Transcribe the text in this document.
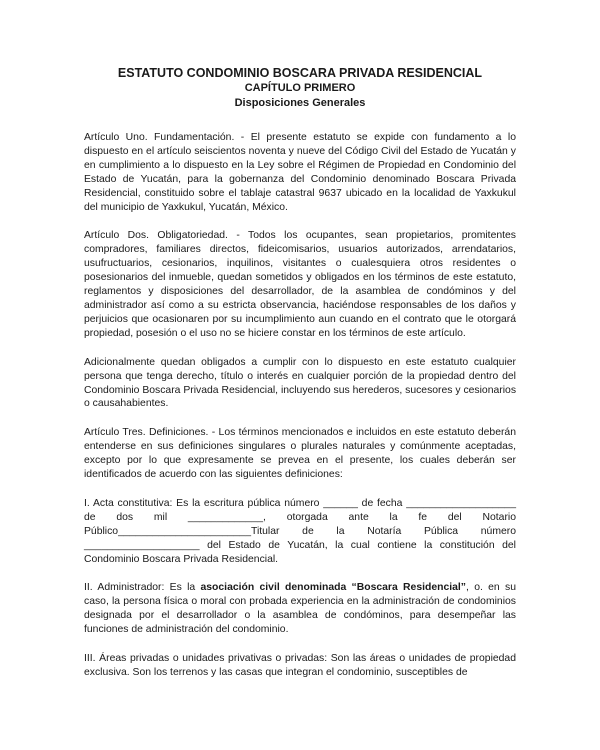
ESTATUTO CONDOMINIO BOSCARA PRIVADA RESIDENCIAL
CAPÍTULO PRIMERO
Disposiciones Generales

Artículo Uno. Fundamentación. - El presente estatuto se expide con fundamento a lo dispuesto en el artículo seiscientos noventa y nueve del Código Civil del Estado de Yucatán y en cumplimiento a lo dispuesto en la Ley sobre el Régimen de Propiedad en Condominio del Estado de Yucatán, para la gobernanza del Condominio denominado Boscara Privada Residencial, constituido sobre el tablaje catastral 9637 ubicado en la localidad de Yaxkukul del municipio de Yaxkukul, Yucatán, México.

Artículo Dos. Obligatoriedad. - Todos los ocupantes, sean propietarios, promitentes compradores, familiares directos, fideicomisarios, usuarios autorizados, arrendatarios, usufructuarios, cesionarios, inquilinos, visitantes o cualesquiera otros residentes o posesionarios del inmueble, quedan sometidos y obligados en los términos de este estatuto, reglamentos y disposiciones del desarrollador, de la asamblea de condóminos y del administrador así como a su estricta observancia, haciéndose responsables de los daños y perjuicios que ocasionaren por su incumplimiento aun cuando en el contrato que le otorgará propiedad, posesión o el uso no se hiciere constar en los términos de este artículo.

Adicionalmente quedan obligados a cumplir con lo dispuesto en este estatuto cualquier persona que tenga derecho, título o interés en cualquier porción de la propiedad dentro del Condominio Boscara Privada Residencial, incluyendo sus herederos, sucesores y cesionarios o causahabientes.

Artículo Tres. Definiciones. - Los términos mencionados e incluidos en este estatuto deberán entenderse en sus definiciones singulares o plurales naturales y comúnmente aceptadas, excepto por lo que expresamente se prevea en el presente, los cuales deberán ser identificados de acuerdo con las siguientes definiciones:

I. Acta constitutiva: Es la escritura pública número ______ de fecha ___________________ de dos mil _____________, otorgada ante la fe del Notario Público_______________________Titular de la Notaría Pública número ____________________ del Estado de Yucatán, la cual contiene la constitución del Condominio Boscara Privada Residencial.

II. Administrador: Es la asociación civil denominada “Boscara Residencial”, o. en su caso, la persona física o moral con probada experiencia en la administración de condominios designada por el desarrollador o la asamblea de condóminos, para desempeñar las funciones de administración del condominio.

III. Áreas privadas o unidades privativas o privadas: Son las áreas o unidades de propiedad exclusiva. Son los terrenos y las casas que integran el condominio, susceptibles de
